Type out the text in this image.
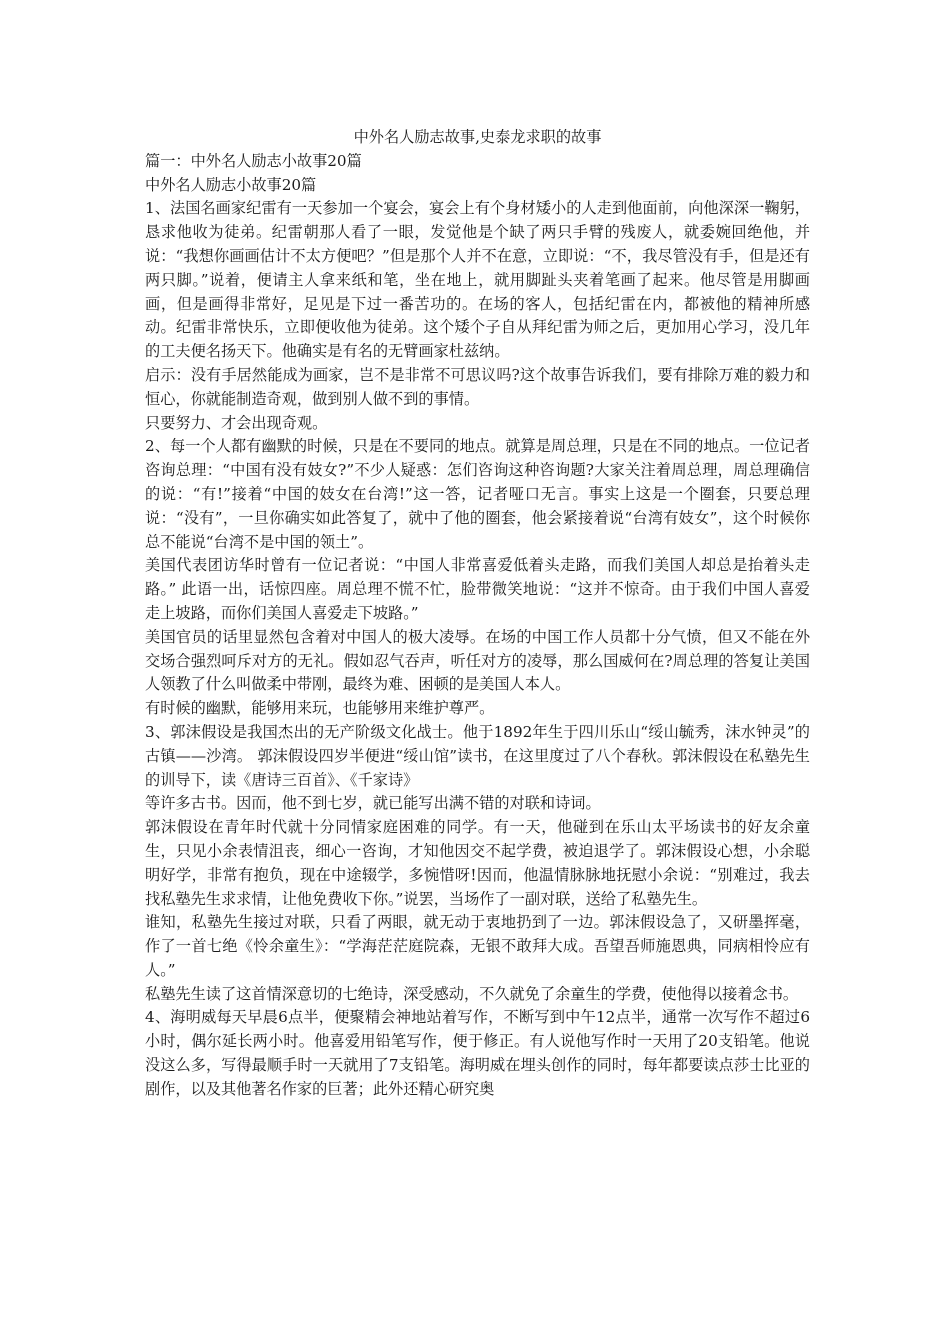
中外名人励志故事,史泰龙求职的故事

篇一：中外名人励志小故事20篇

中外名人励志小故事20篇

1、法国名画家纪雷有一天参加一个宴会，宴会上有个身材矮小的人走到他面前，向他深深一鞠躬，恳求他收为徒弟。纪雷朝那人看了一眼，发觉他是个缺了两只手臂的残废人，就委婉回绝他，并说：“我想你画画估计不太方便吧？”但是那个人并不在意，立即说：“不，我尽管没有手，但是还有两只脚。”说着，便请主人拿来纸和笔，坐在地上，就用脚趾头夹着笔画了起来。他尽管是用脚画画，但是画得非常好，足见是下过一番苦功的。在场的客人，包括纪雷在内，都被他的精神所感动。纪雷非常快乐，立即便收他为徒弟。这个矮个子自从拜纪雷为师之后，更加用心学习，没几年的工夫便名扬天下。他确实是有名的无臂画家杜兹纳。

启示：没有手居然能成为画家，岂不是非常不可思议吗?这个故事告诉我们，要有排除万难的毅力和恒心，你就能制造奇观，做到别人做不到的事情。

只要努力、才会出现奇观。

2、每一个人都有幽默的时候，只是在不要同的地点。就算是周总理，只是在不同的地点。一位记者咨询总理：“中国有没有妓女?”不少人疑惑：怎们咨询这种咨询题?大家关注着周总理，周总理确信的说：“有!”接着“中国的妓女在台湾!”这一答，记者哑口无言。事实上这是一个圈套，只要总理说：“没有”，一旦你确实如此答复了，就中了他的圈套，他会紧接着说“台湾有妓女”，这个时候你总不能说“台湾不是中国的领土”。

美国代表团访华时曾有一位记者说：“中国人非常喜爱低着头走路，而我们美国人却总是抬着头走路。” 此语一出，话惊四座。周总理不慌不忙，脸带微笑地说：“这并不惊奇。由于我们中国人喜爱走上坡路，而你们美国人喜爱走下坡路。”

美国官员的话里显然包含着对中国人的极大凌辱。在场的中国工作人员都十分气愤，但又不能在外交场合强烈呵斥对方的无礼。假如忍气吞声，听任对方的凌辱，那么国威何在?周总理的答复让美国人领教了什么叫做柔中带刚，最终为难、困顿的是美国人本人。

有时候的幽默，能够用来玩，也能够用来维护尊严。

3、郭沫假设是我国杰出的无产阶级文化战士。他于1892年生于四川乐山“绥山毓秀，沫水钟灵”的古镇——沙湾。 郭沫假设四岁半便进“绥山馆”读书，在这里度过了八个春秋。郭沫假设在私塾先生的训导下，读《唐诗三百首》、《千家诗》

等许多古书。因而，他不到七岁，就已能写出满不错的对联和诗词。

郭沫假设在青年时代就十分同情家庭困难的同学。有一天，他碰到在乐山太平场读书的好友余童生，只见小余表情沮丧，细心一咨询，才知他因交不起学费，被迫退学了。郭沫假设心想，小余聪明好学，非常有抱负，现在中途辍学，多惋惜呀!因而，他温情脉脉地抚慰小余说：“别难过，我去找私塾先生求求情，让他免费收下你。”说罢，当场作了一副对联，送给了私塾先生。

谁知，私塾先生接过对联，只看了两眼，就无动于衷地扔到了一边。郭沫假设急了，又研墨挥毫，作了一首七绝《怜余童生》：“学海茫茫庭院森，无银不敢拜大成。吾望吾师施恩典，同病相怜应有人。”

私塾先生读了这首情深意切的七绝诗，深受感动，不久就免了余童生的学费，使他得以接着念书。

4、海明威每天早晨6点半，便聚精会神地站着写作，不断写到中午12点半，通常一次写作不超过6小时，偶尔延长两小时。他喜爱用铅笔写作，便于修正。有人说他写作时一天用了20支铅笔。他说没这么多，写得最顺手时一天就用了7支铅笔。海明威在埋头创作的同时，每年都要读点莎士比亚的剧作，以及其他著名作家的巨著；此外还精心研究奥
